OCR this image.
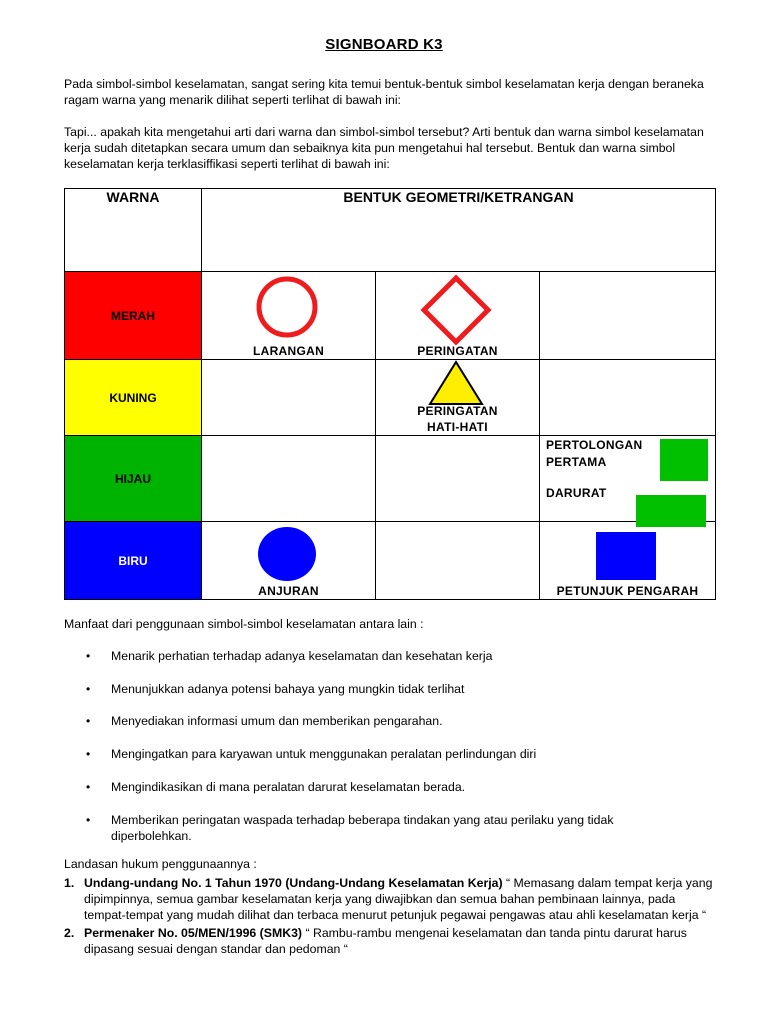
SIGNBOARD K3
Pada simbol-simbol keselamatan, sangat sering kita temui bentuk-bentuk simbol keselamatan kerja dengan beraneka ragam warna yang menarik dilihat seperti terlihat di bawah ini:
Tapi... apakah kita mengetahui arti dari warna dan simbol-simbol tersebut? Arti bentuk dan warna simbol keselamatan kerja sudah ditetapkan secara umum dan sebaiknya kita pun mengetahui hal tersebut. Bentuk dan warna simbol keselamatan kerja terklasiffikasi seperti terlihat di bawah ini:
WARNA	BENTUK GEOMETRI/KETRANGAN		
MERAH	LARANGAN	PERINGATAN	

KUNING		PERINGATAN
HATI-HATI	

HIJAU			PERTOLONGAN
PERTAMA
DARURAT

BIRU	ANJURAN		PETUNJUK PENGARAH
Manfaat dari penggunaan simbol-simbol keselamatan antara lain :
• Menarik perhatian terhadap adanya keselamatan dan kesehatan kerja
• Menunjukkan adanya potensi bahaya yang mungkin tidak terlihat
• Menyediakan informasi umum dan memberikan pengarahan.
• Mengingatkan para karyawan untuk menggunakan peralatan perlindungan diri
• Mengindikasikan di mana peralatan darurat keselamatan berada.
• Memberikan peringatan waspada terhadap beberapa tindakan yang atau perilaku yang tidak diperbolehkan.
Landasan hukum penggunaannya :
1. Undang-undang No. 1 Tahun 1970 (Undang-Undang Keselamatan Kerja) “ Memasang dalam tempat kerja yang dipimpinnya, semua gambar keselamatan kerja yang diwajibkan dan semua bahan pembinaan lainnya, pada tempat-tempat yang mudah dilihat dan terbaca menurut petunjuk pegawai pengawas atau ahli keselamatan kerja “
2. Permenaker No. 05/MEN/1996 (SMK3) “ Rambu-rambu mengenai keselamatan dan tanda pintu darurat harus dipasang sesuai dengan standar dan pedoman “
